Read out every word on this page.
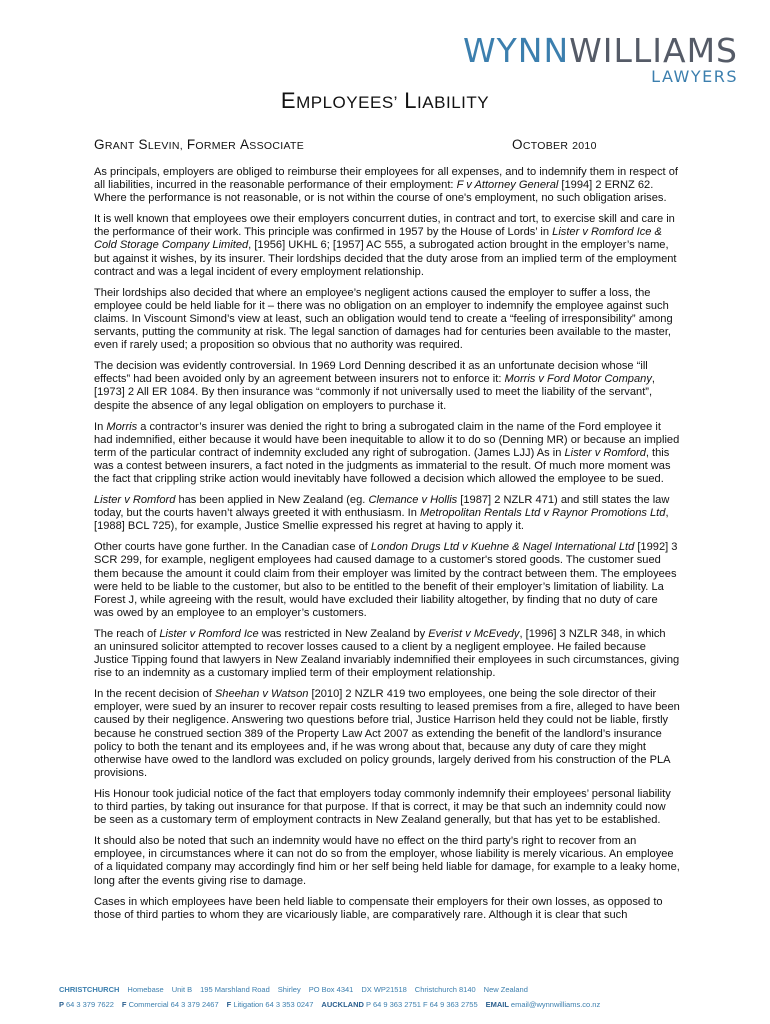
WYNNWILLIAMS
LAWYERS
EMPLOYEES’ LIABILITY
GRANT SLEVIN, FORMER ASSOCIATE	OCTOBER 2010

As principals, employers are obliged to reimburse their employees for all expenses, and to indemnify them in respect of all liabilities, incurred in the reasonable performance of their employment: F v Attorney General [1994] 2 ERNZ 62. Where the performance is not reasonable, or is not within the course of one's employment, no such obligation arises.

It is well known that employees owe their employers concurrent duties, in contract and tort, to exercise skill and care in the performance of their work. This principle was confirmed in 1957 by the House of Lords’ in Lister v Romford Ice & Cold Storage Company Limited, [1956] UKHL 6; [1957] AC 555, a subrogated action brought in the employer’s name, but against it wishes, by its insurer. Their lordships decided that the duty arose from an implied term of the employment contract and was a legal incident of every employment relationship.

Their lordships also decided that where an employee’s negligent actions caused the employer to suffer a loss, the employee could be held liable for it – there was no obligation on an employer to indemnify the employee against such claims. In Viscount Simond’s view at least, such an obligation would tend to create a “feeling of irresponsibility” among servants, putting the community at risk. The legal sanction of damages had for centuries been available to the master, even if rarely used; a proposition so obvious that no authority was required.

The decision was evidently controversial. In 1969 Lord Denning described it as an unfortunate decision whose “ill effects” had been avoided only by an agreement between insurers not to enforce it: Morris v Ford Motor Company, [1973] 2 All ER 1084. By then insurance was “commonly if not universally used to meet the liability of the servant”, despite the absence of any legal obligation on employers to purchase it.

In Morris a contractor’s insurer was denied the right to bring a subrogated claim in the name of the Ford employee it had indemnified, either because it would have been inequitable to allow it to do so (Denning MR) or because an implied term of the particular contract of indemnity excluded any right of subrogation. (James LJJ) As in Lister v Romford, this was a contest between insurers, a fact noted in the judgments as immaterial to the result. Of much more moment was the fact that crippling strike action would inevitably have followed a decision which allowed the employee to be sued.

Lister v Romford has been applied in New Zealand (eg. Clemance v Hollis [1987] 2 NZLR 471) and still states the law today, but the courts haven’t always greeted it with enthusiasm. In Metropolitan Rentals Ltd v Raynor Promotions Ltd, [1988] BCL 725), for example, Justice Smellie expressed his regret at having to apply it.

Other courts have gone further. In the Canadian case of London Drugs Ltd v Kuehne & Nagel International Ltd [1992] 3 SCR 299, for example, negligent employees had caused damage to a customer's stored goods. The customer sued them because the amount it could claim from their employer was limited by the contract between them. The employees were held to be liable to the customer, but also to be entitled to the benefit of their employer’s limitation of liability. La Forest J, while agreeing with the result, would have excluded their liability altogether, by finding that no duty of care was owed by an employee to an employer’s customers.

The reach of Lister v Romford Ice was restricted in New Zealand by Everist v McEvedy, [1996] 3 NZLR 348, in which an uninsured solicitor attempted to recover losses caused to a client by a negligent employee. He failed because Justice Tipping found that lawyers in New Zealand invariably indemnified their employees in such circumstances, giving rise to an indemnity as a customary implied term of their employment relationship.

In the recent decision of Sheehan v Watson [2010] 2 NZLR 419 two employees, one being the sole director of their employer, were sued by an insurer to recover repair costs resulting to leased premises from a fire, alleged to have been caused by their negligence. Answering two questions before trial, Justice Harrison held they could not be liable, firstly because he construed section 389 of the Property Law Act 2007 as extending the benefit of the landlord’s insurance policy to both the tenant and its employees and, if he was wrong about that, because any duty of care they might otherwise have owed to the landlord was excluded on policy grounds, largely derived from his construction of the PLA provisions.

His Honour took judicial notice of the fact that employers today commonly indemnify their employees’ personal liability to third parties, by taking out insurance for that purpose. If that is correct, it may be that such an indemnity could now be seen as a customary term of employment contracts in New Zealand generally, but that has yet to be established.

It should also be noted that such an indemnity would have no effect on the third party’s right to recover from an employee, in circumstances where it can not do so from the employer, whose liability is merely vicarious. An employee of a liquidated company may accordingly find him or her self being held liable for damage, for example to a leaky home, long after the events giving rise to damage.

Cases in which employees have been held liable to compensate their employers for their own losses, as opposed to those of third parties to whom they are vicariously liable, are comparatively rare. Although it is clear that such

CHRISTCHURCH Homebase Unit B 195 Marshland Road Shirley PO Box 4341 DX WP21518 Christchurch 8140 New Zealand
P 64 3 379 7622 F Commercial 64 3 379 2467 F Litigation 64 3 353 0247 AUCKLAND P 64 9 363 2751 F 64 9 363 2755 EMAIL email@wynnwilliams.co.nz
